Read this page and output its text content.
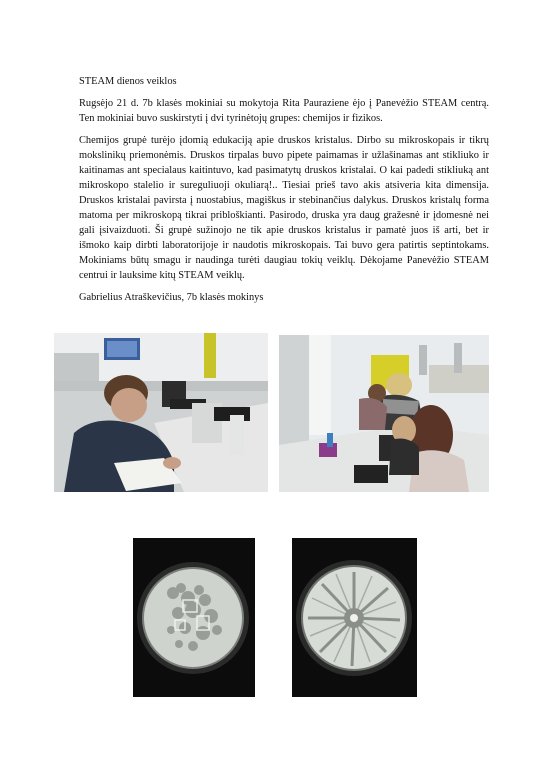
STEAM dienos veiklos

Rugsėjo 21 d. 7b klasės mokiniai su mokytoja Rita Pauraziene ėjo į Panevėžio STEAM centrą. Ten mokiniai buvo suskirstyti į dvi tyrinėtojų grupes: chemijos ir fizikos.

Chemijos grupė turėjo įdomią edukaciją apie druskos kristalus. Dirbo su mikroskopais ir tikrų mokslinikų priemonėmis. Druskos tirpalas buvo pipete paimamas ir užlašinamas ant stikliuko ir kaitinamas ant specialaus kaitintuvo, kad pasimatytų druskos kristalai. O kai padedi stikliuką ant mikroskopo stalelio ir sureguliuoji okuliarą!.. Tiesiai prieš tavo akis atsiveria kita dimensija. Druskos kristalai pavirsta į nuostabius, magiškus ir stebinančius dalykus. Druskos kristalų forma matoma per mikroskopą tikrai pribloškianti. Pasirodo, druska yra daug gražesnė ir įdomesnė nei gali įsivaizduoti. Ši grupė sužinojo ne tik apie druskos kristalus ir pamatė juos iš arti, bet ir išmoko kaip dirbti laboratorijoje ir naudotis mikroskopais. Tai buvo gera patirtis septintokams. Mokiniams būtų smagu ir naudinga turėti daugiau tokių veiklų. Dėkojame Panevėžio STEAM centrui ir lauksime kitų STEAM veiklų.

Gabrielius Atraškevičius, 7b klasės mokinys
